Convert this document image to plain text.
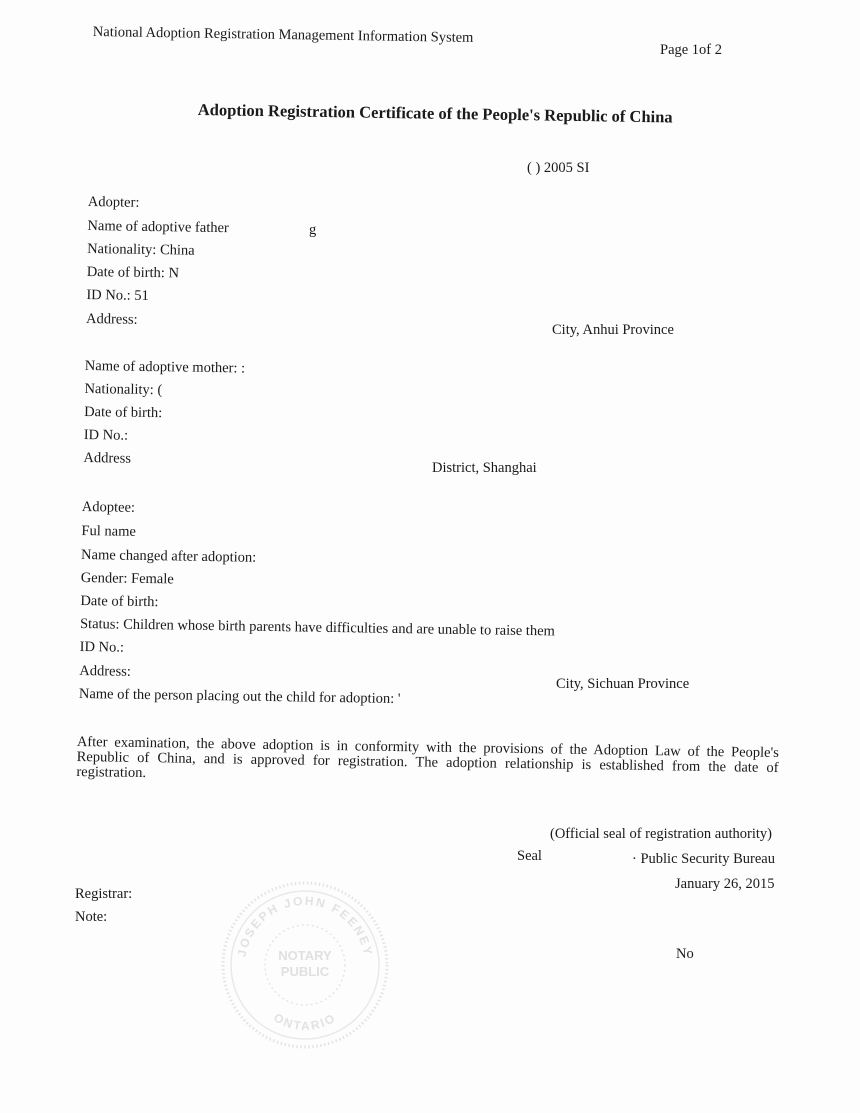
National Adoption Registration Management Information System
Page 1of 2
Adoption Registration Certificate of the People's Republic of China
( ) 2005 SI
Adopter:
Name of adoptive father
Nationality: China
Date of birth: N
ID No.: 51
Address:
g
City, Anhui Province
Name of adoptive mother: :
Nationality: (
Date of birth:
ID No.:
Address
District, Shanghai
Adoptee:
Ful name
Name changed after adoption:
Gender: Female
Date of birth:
Status: Children whose birth parents have difficulties and are unable to raise them
ID No.:
Address:
Name of the person placing out the child for adoption: '
City, Sichuan Province
After examination, the above adoption is in conformity with the provisions of the Adoption Law of the People's Republic of China, and is approved for registration. The adoption relationship is established from the date of registration.
(Official seal of registration authority)
Seal	· Public Security Bureau
January 26, 2015
Registrar:
Note:
No
JOSEPH JOHN FEENEY
NOTARY
PUBLIC
ONTARIO
